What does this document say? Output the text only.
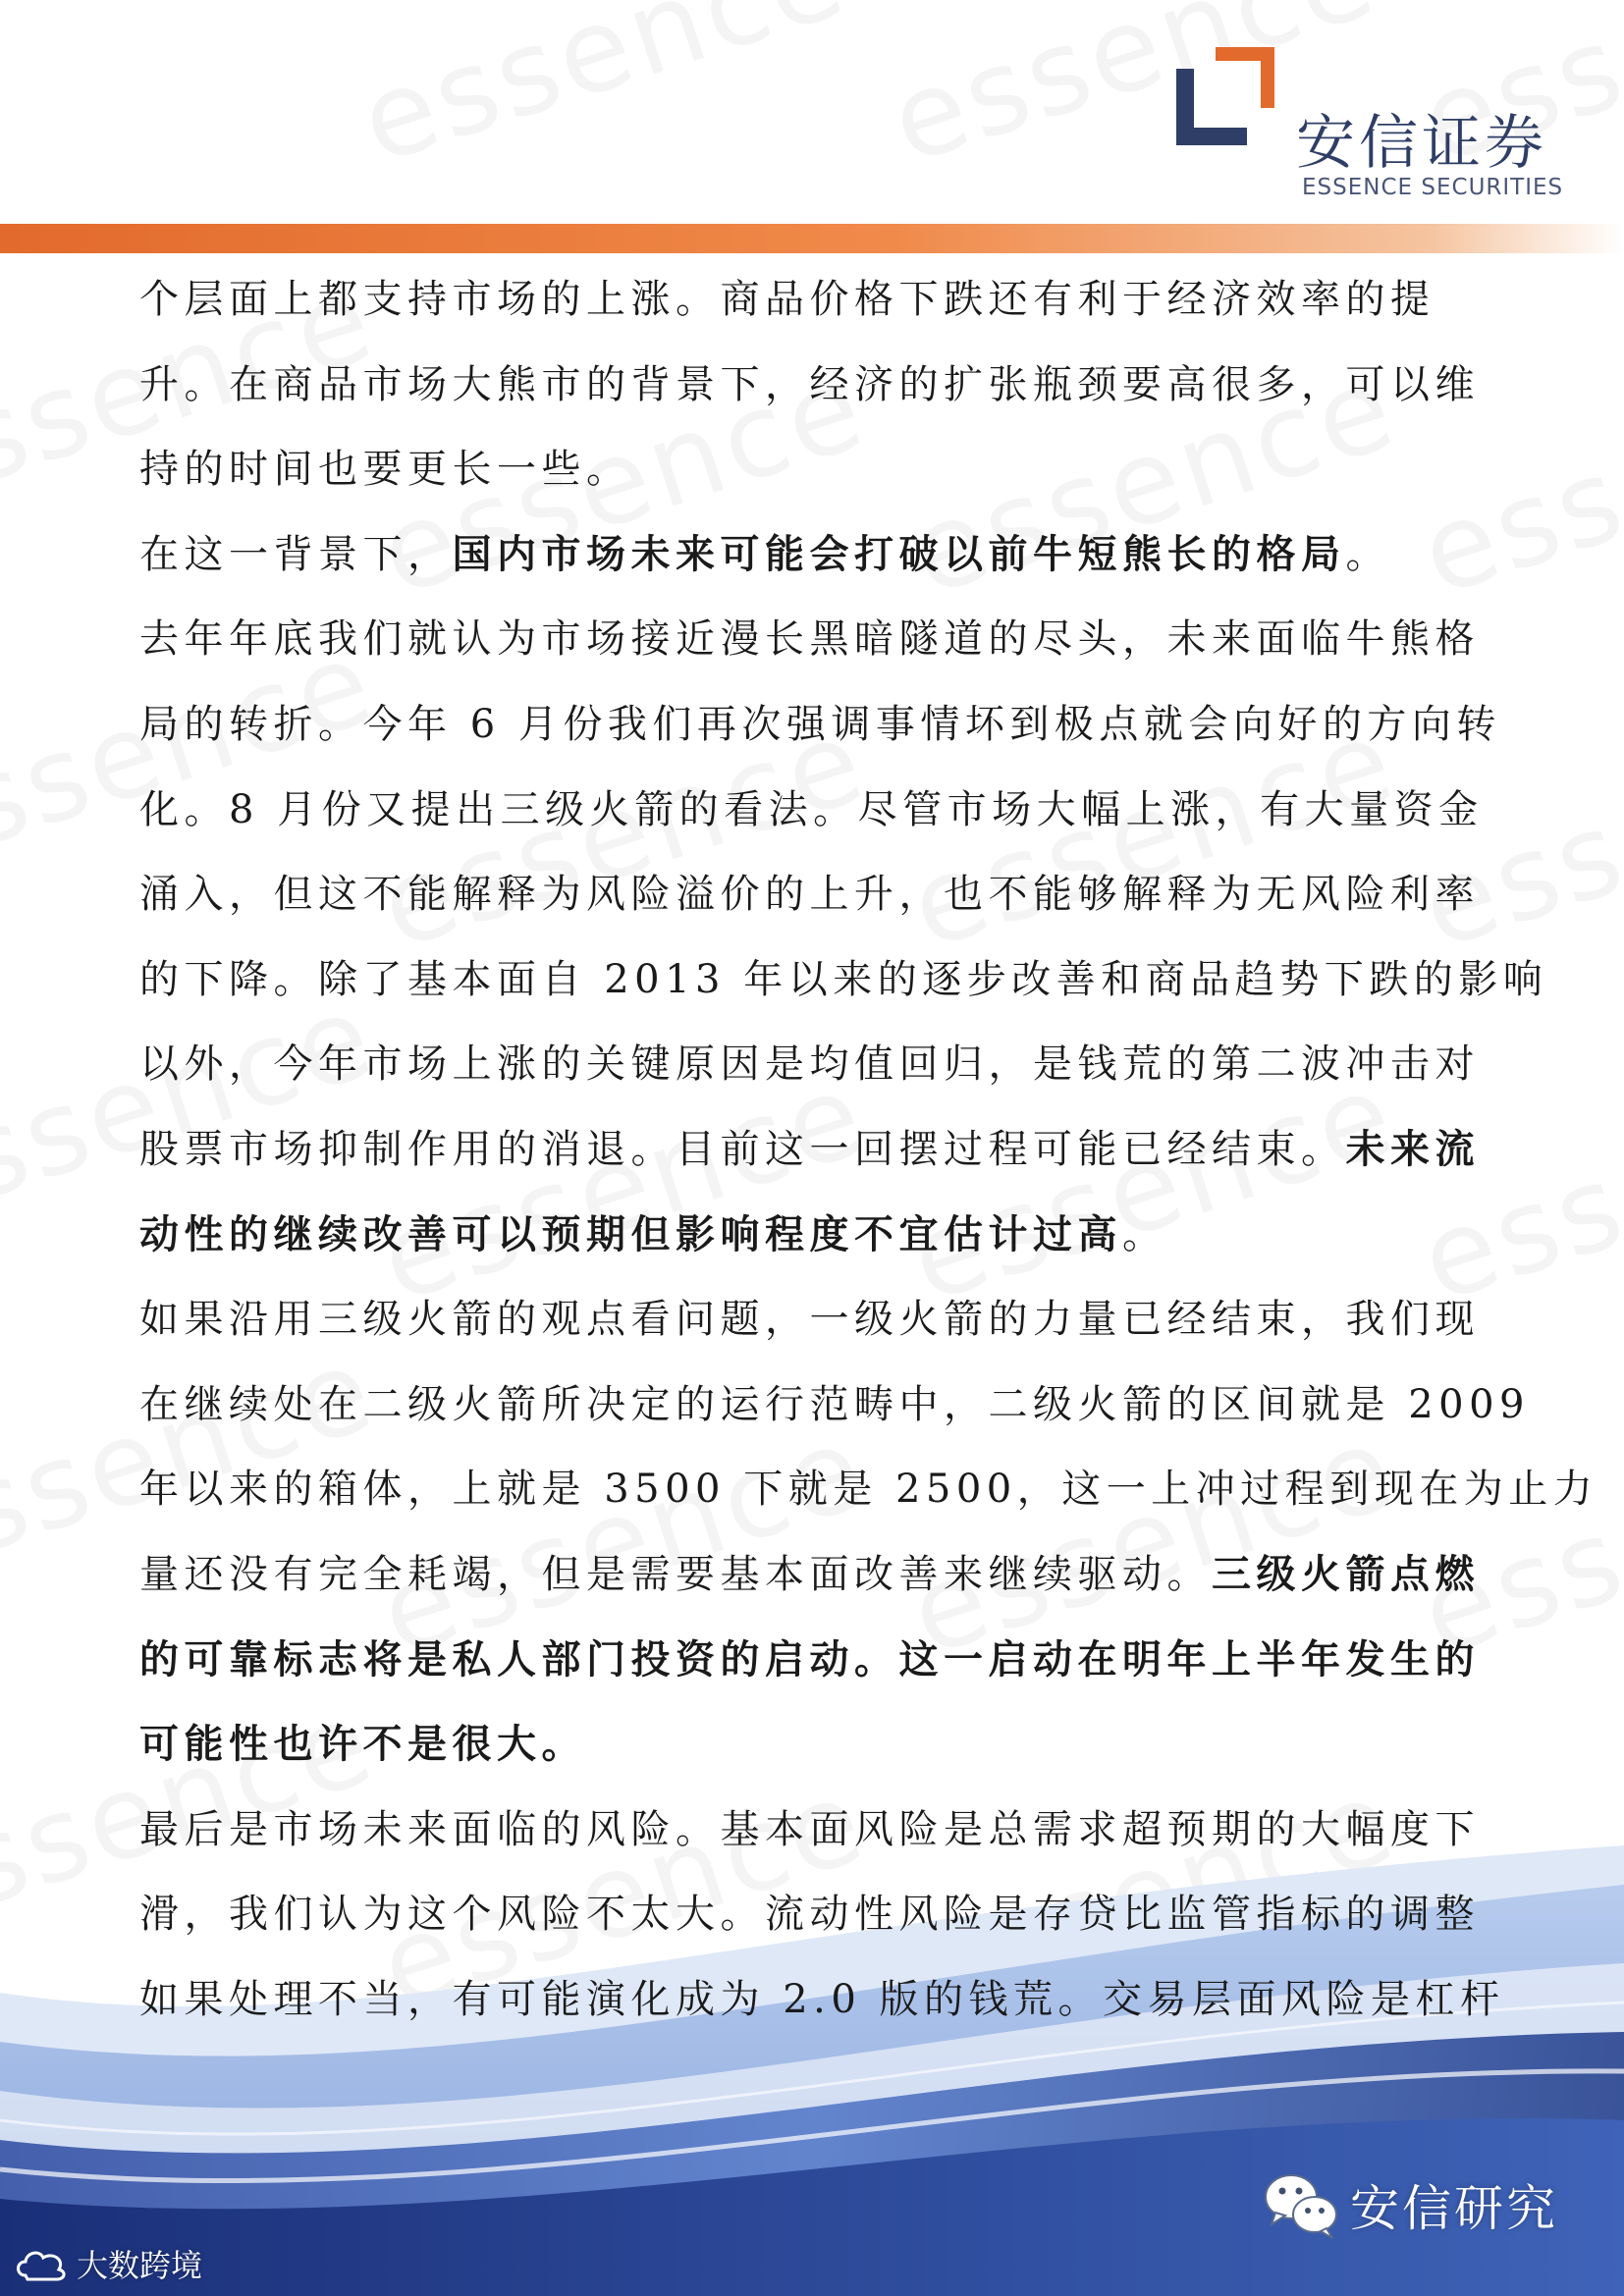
安信证券
ESSENCE SECURITIES
个层面上都支持市场的上涨。商品价格下跌还有利于经济效率的提
升。在商品市场大熊市的背景下，经济的扩张瓶颈要高很多，可以维
持的时间也要更长一些。
在这一背景下，国内市场未来可能会打破以前牛短熊长的格局。
去年年底我们就认为市场接近漫长黑暗隧道的尽头，未来面临牛熊格
局的转折。今年 6 月份我们再次强调事情坏到极点就会向好的方向转
化。8 月份又提出三级火箭的看法。尽管市场大幅上涨，有大量资金
涌入，但这不能解释为风险溢价的上升，也不能够解释为无风险利率
的下降。除了基本面自 2013 年以来的逐步改善和商品趋势下跌的影响
以外，今年市场上涨的关键原因是均值回归，是钱荒的第二波冲击对
股票市场抑制作用的消退。目前这一回摆过程可能已经结束。未来流
动性的继续改善可以预期但影响程度不宜估计过高。
如果沿用三级火箭的观点看问题，一级火箭的力量已经结束，我们现
在继续处在二级火箭所决定的运行范畴中，二级火箭的区间就是 2009
年以来的箱体，上就是 3500 下就是 2500，这一上冲过程到现在为止力
量还没有完全耗竭，但是需要基本面改善来继续驱动。三级火箭点燃
的可靠标志将是私人部门投资的启动。这一启动在明年上半年发生的
可能性也许不是很大。
最后是市场未来面临的风险。基本面风险是总需求超预期的大幅度下
滑，我们认为这个风险不太大。流动性风险是存贷比监管指标的调整
如果处理不当，有可能演化成为 2.0 版的钱荒。交易层面风险是杠杆
安信研究
大数跨境
